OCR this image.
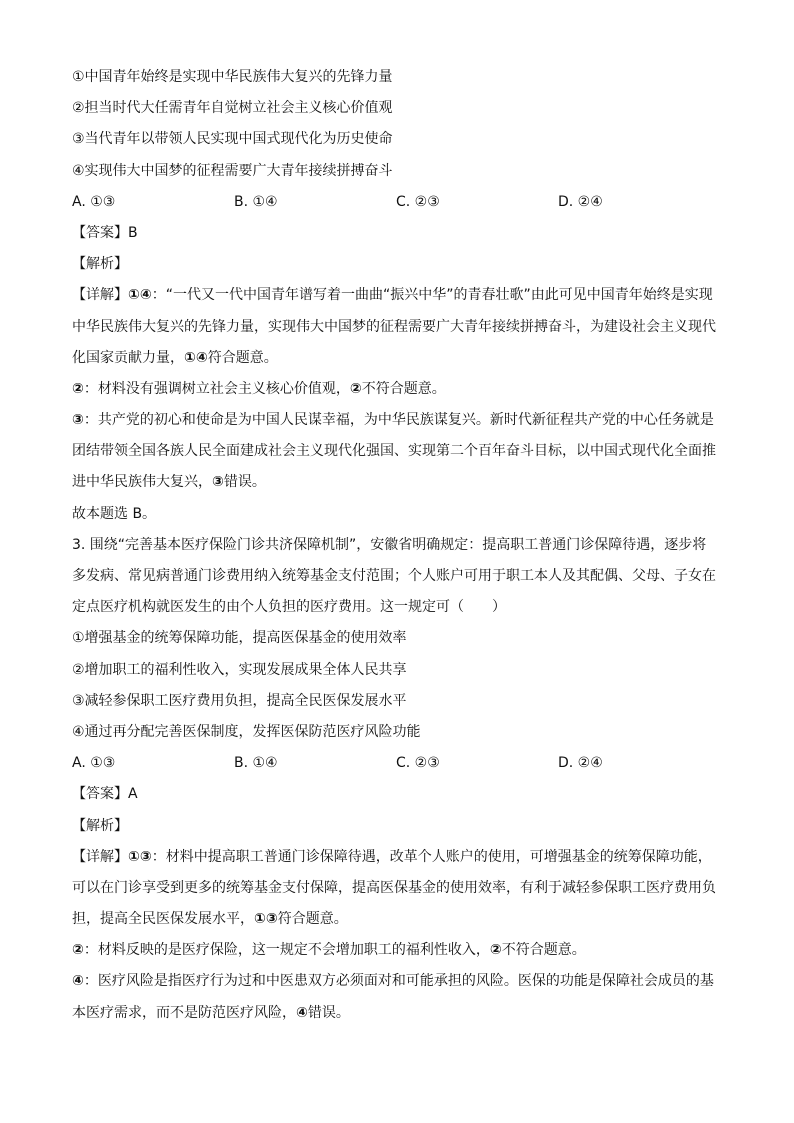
①中国青年始终是实现中华民族伟大复兴的先锋力量
②担当时代大任需青年自觉树立社会主义核心价值观
③当代青年以带领人民实现中国式现代化为历史使命
④实现伟大中国梦的征程需要广大青年接续拼搏奋斗
A. ①③	B. ①④	C. ②③	D. ②④
【答案】B
【解析】
【详解】①④：“一代又一代中国青年谱写着一曲曲“振兴中华”的青春壮歌”由此可见中国青年始终是实现
中华民族伟大复兴的先锋力量，实现伟大中国梦的征程需要广大青年接续拼搏奋斗，为建设社会主义现代
化国家贡献力量，①④符合题意。
②：材料没有强调树立社会主义核心价值观，②不符合题意。
③：共产党的初心和使命是为中国人民谋幸福，为中华民族谋复兴。新时代新征程共产党的中心任务就是
团结带领全国各族人民全面建成社会主义现代化强国、实现第二个百年奋斗目标，以中国式现代化全面推
进中华民族伟大复兴，③错误。
故本题选 B。
3. 围绕“完善基本医疗保险门诊共济保障机制”，安徽省明确规定：提高职工普通门诊保障待遇，逐步将
多发病、常见病普通门诊费用纳入统筹基金支付范围；个人账户可用于职工本人及其配偶、父母、子女在
定点医疗机构就医发生的由个人负担的医疗费用。这一规定可（　　）
①增强基金的统筹保障功能，提高医保基金的使用效率
②增加职工的福利性收入，实现发展成果全体人民共享
③减轻参保职工医疗费用负担，提高全民医保发展水平
④通过再分配完善医保制度，发挥医保防范医疗风险功能
A. ①③	B. ①④	C. ②③	D. ②④
【答案】A
【解析】
【详解】①③：材料中提高职工普通门诊保障待遇，改革个人账户的使用，可增强基金的统筹保障功能，
可以在门诊享受到更多的统筹基金支付保障，提高医保基金的使用效率，有利于减轻参保职工医疗费用负
担，提高全民医保发展水平，①③符合题意。
②：材料反映的是医疗保险，这一规定不会增加职工的福利性收入，②不符合题意。
④：医疗风险是指医疗行为过和中医患双方必须面对和可能承担的风险。医保的功能是保障社会成员的基
本医疗需求，而不是防范医疗风险，④错误。
